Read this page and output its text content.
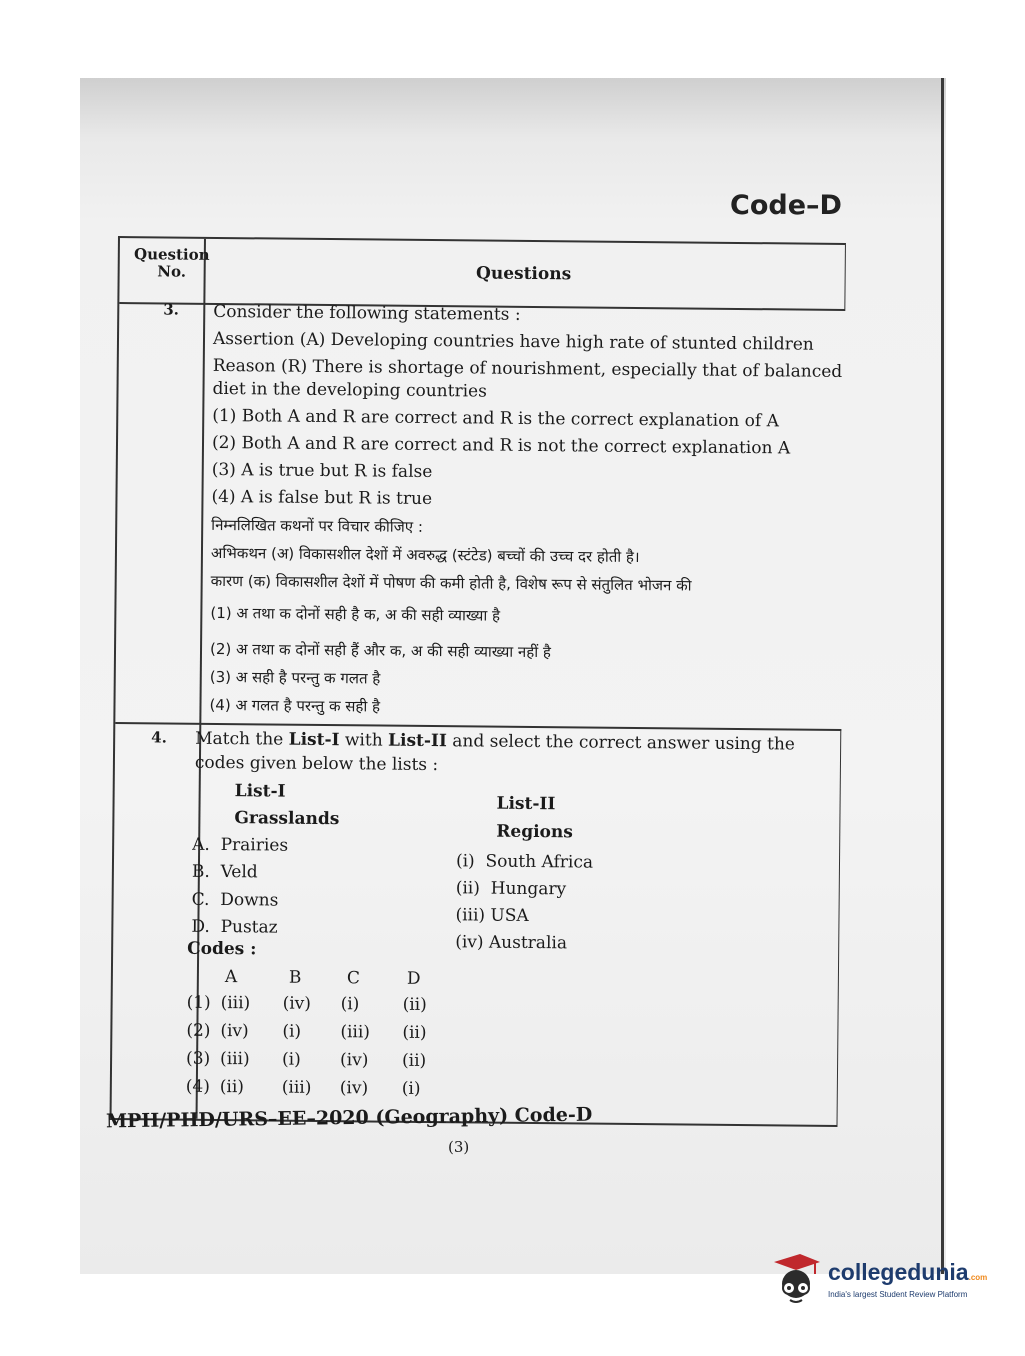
Code–D
Question No.	Questions
3. Consider the following statements :
Assertion (A) Developing countries have high rate of stunted children
Reason (R) There is shortage of nourishment, especially that of balanced
diet in the developing countries
(1) Both A and R are correct and R is the correct explanation of A
(2) Both A and R are correct and R is not the correct explanation A
(3) A is true but R is false
(4) A is false but R is true
निम्नलिखित कथनों पर विचार कीजिए :
अभिकथन (अ) विकासशील देशों में अवरुद्ध (स्टंटेड) बच्चों की उच्च दर होती है।
कारण (क) विकासशील देशों में पोषण की कमी होती है, विशेष रूप से संतुलित भोजन की
(1) अ तथा क दोनों सही है क, अ की सही व्याख्या है
(2) अ तथा क दोनों सही हैं और क, अ की सही व्याख्या नहीं है
(3) अ सही है परन्तु क गलत है
(4) अ गलत है परन्तु क सही है
4. Match the List-I with List-II and select the correct answer using the
codes given below the lists :
List-I
Grasslands
List-II
Regions
A. Prairies
B. Veld
C. Downs
D. Pustaz
(i) South Africa
(ii) Hungary
(iii) USA
(iv) Australia
Codes :
A	B	C	D
(1) (iii) (iv) (i)	(ii)
(2) (iv) (i) (iii) (ii)
(3) (iii) (i) (iv) (ii)
(4) (ii) (iii) (iv) (i)
MPH/PHD/URS–EE–2020 (Geography) Code-D
(3)
collegedunia.com
India's largest Student Review Platform
